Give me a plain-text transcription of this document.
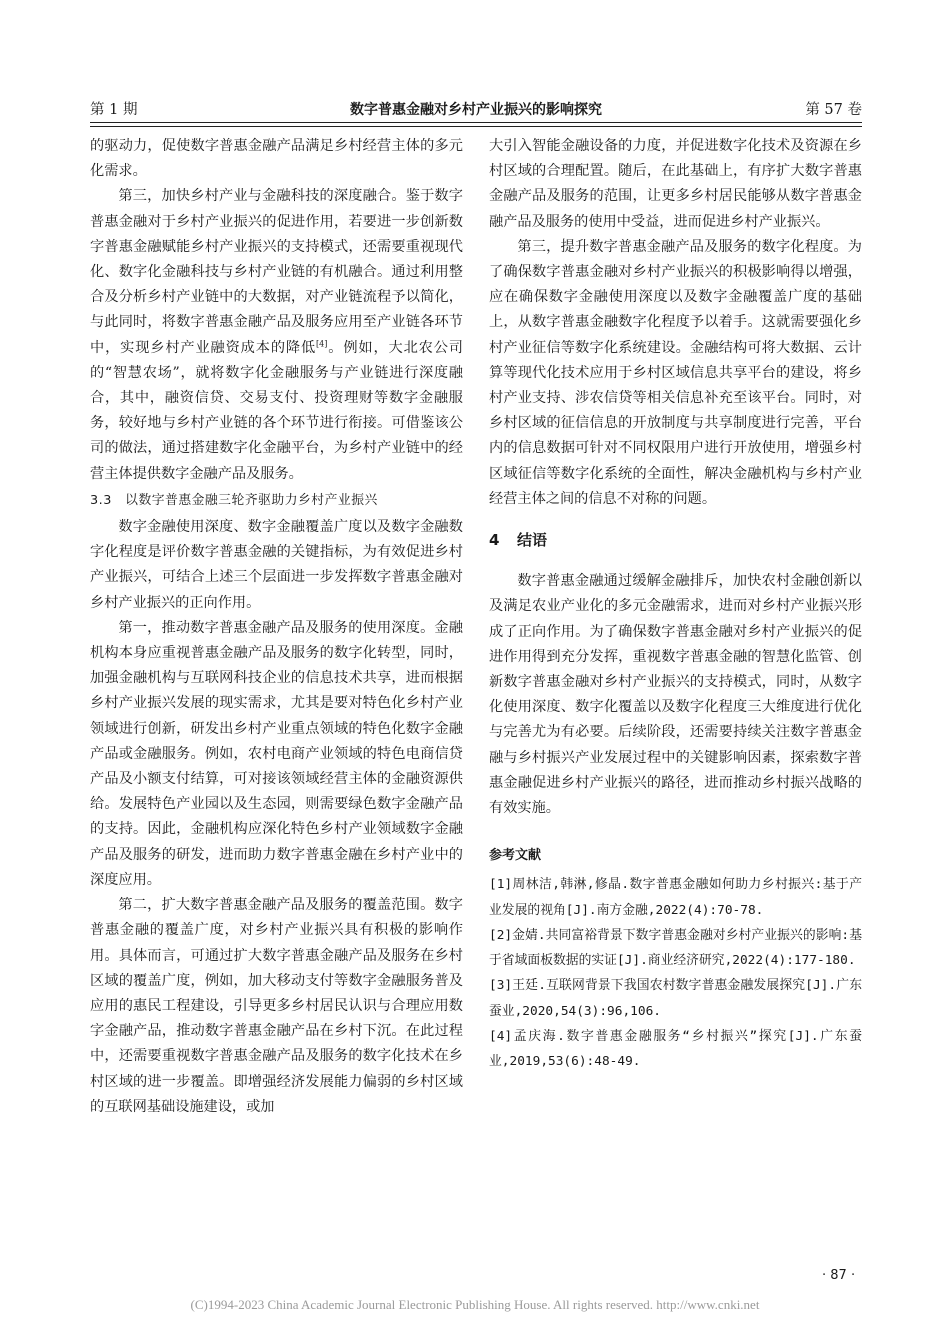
第 1 期	数字普惠金融对乡村产业振兴的影响探究	第 57 卷

的驱动力，促使数字普惠金融产品满足乡村经营主体的多元化需求。

第三，加快乡村产业与金融科技的深度融合。鉴于数字普惠金融对于乡村产业振兴的促进作用，若要进一步创新数字普惠金融赋能乡村产业振兴的支持模式，还需要重视现代化、数字化金融科技与乡村产业链的有机融合。通过利用整合及分析乡村产业链中的大数据，对产业链流程予以简化，与此同时，将数字普惠金融产品及服务应用至产业链各环节中，实现乡村产业融资成本的降低[4]。例如，大北农公司的“智慧农场”，就将数字化金融服务与产业链进行深度融合，其中，融资信贷、交易支付、投资理财等数字金融服务，较好地与乡村产业链的各个环节进行衔接。可借鉴该公司的做法，通过搭建数字化金融平台，为乡村产业链中的经营主体提供数字金融产品及服务。

3.3　以数字普惠金融三轮齐驱助力乡村产业振兴

数字金融使用深度、数字金融覆盖广度以及数字金融数字化程度是评价数字普惠金融的关键指标，为有效促进乡村产业振兴，可结合上述三个层面进一步发挥数字普惠金融对乡村产业振兴的正向作用。

第一，推动数字普惠金融产品及服务的使用深度。金融机构本身应重视普惠金融产品及服务的数字化转型，同时，加强金融机构与互联网科技企业的信息技术共享，进而根据乡村产业振兴发展的现实需求，尤其是要对特色化乡村产业领域进行创新，研发出乡村产业重点领域的特色化数字金融产品或金融服务。例如，农村电商产业领域的特色电商信贷产品及小额支付结算，可对接该领域经营主体的金融资源供给。发展特色产业园以及生态园，则需要绿色数字金融产品的支持。因此，金融机构应深化特色乡村产业领域数字金融产品及服务的研发，进而助力数字普惠金融在乡村产业中的深度应用。

第二，扩大数字普惠金融产品及服务的覆盖范围。数字普惠金融的覆盖广度，对乡村产业振兴具有积极的影响作用。具体而言，可通过扩大数字普惠金融产品及服务在乡村区域的覆盖广度，例如，加大移动支付等数字金融服务普及应用的惠民工程建设，引导更多乡村居民认识与合理应用数字金融产品，推动数字普惠金融产品在乡村下沉。在此过程中，还需要重视数字普惠金融产品及服务的数字化技术在乡村区域的进一步覆盖。即增强经济发展能力偏弱的乡村区域的互联网基础设施建设，或加

大引入智能金融设备的力度，并促进数字化技术及资源在乡村区域的合理配置。随后，在此基础上，有序扩大数字普惠金融产品及服务的范围，让更多乡村居民能够从数字普惠金融产品及服务的使用中受益，进而促进乡村产业振兴。

第三，提升数字普惠金融产品及服务的数字化程度。为了确保数字普惠金融对乡村产业振兴的积极影响得以增强，应在确保数字金融使用深度以及数字金融覆盖广度的基础上，从数字普惠金融数字化程度予以着手。这就需要强化乡村产业征信等数字化系统建设。金融结构可将大数据、云计算等现代化技术应用于乡村区域信息共享平台的建设，将乡村产业支持、涉农信贷等相关信息补充至该平台。同时，对乡村区域的征信信息的开放制度与共享制度进行完善，平台内的信息数据可针对不同权限用户进行开放使用，增强乡村区域征信等数字化系统的全面性，解决金融机构与乡村产业经营主体之间的信息不对称的问题。

4 结语

数字普惠金融通过缓解金融排斥，加快农村金融创新以及满足农业产业化的多元金融需求，进而对乡村产业振兴形成了正向作用。为了确保数字普惠金融对乡村产业振兴的促进作用得到充分发挥，重视数字普惠金融的智慧化监管、创新数字普惠金融对乡村产业振兴的支持模式，同时，从数字化使用深度、数字化覆盖以及数字化程度三大维度进行优化与完善尤为有必要。后续阶段，还需要持续关注数字普惠金融与乡村振兴产业发展过程中的关键影响因素，探索数字普惠金融促进乡村产业振兴的路径，进而推动乡村振兴战略的有效实施。

参考文献
[1]周林洁,韩淋,修晶.数字普惠金融如何助力乡村振兴:基于产业发展的视角[J].南方金融,2022(4):70-78.
[2]金婧.共同富裕背景下数字普惠金融对乡村产业振兴的影响:基于省域面板数据的实证[J].商业经济研究,2022(4):177-180.
[3]王廷.互联网背景下我国农村数字普惠金融发展探究[J].广东蚕业,2020,54(3):96,106.
[4]孟庆海.数字普惠金融服务“乡村振兴”探究[J].广东蚕业,2019,53(6):48-49.
· 87 ·
(C)1994-2023 China Academic Journal Electronic Publishing House. All rights reserved. http://www.cnki.net
